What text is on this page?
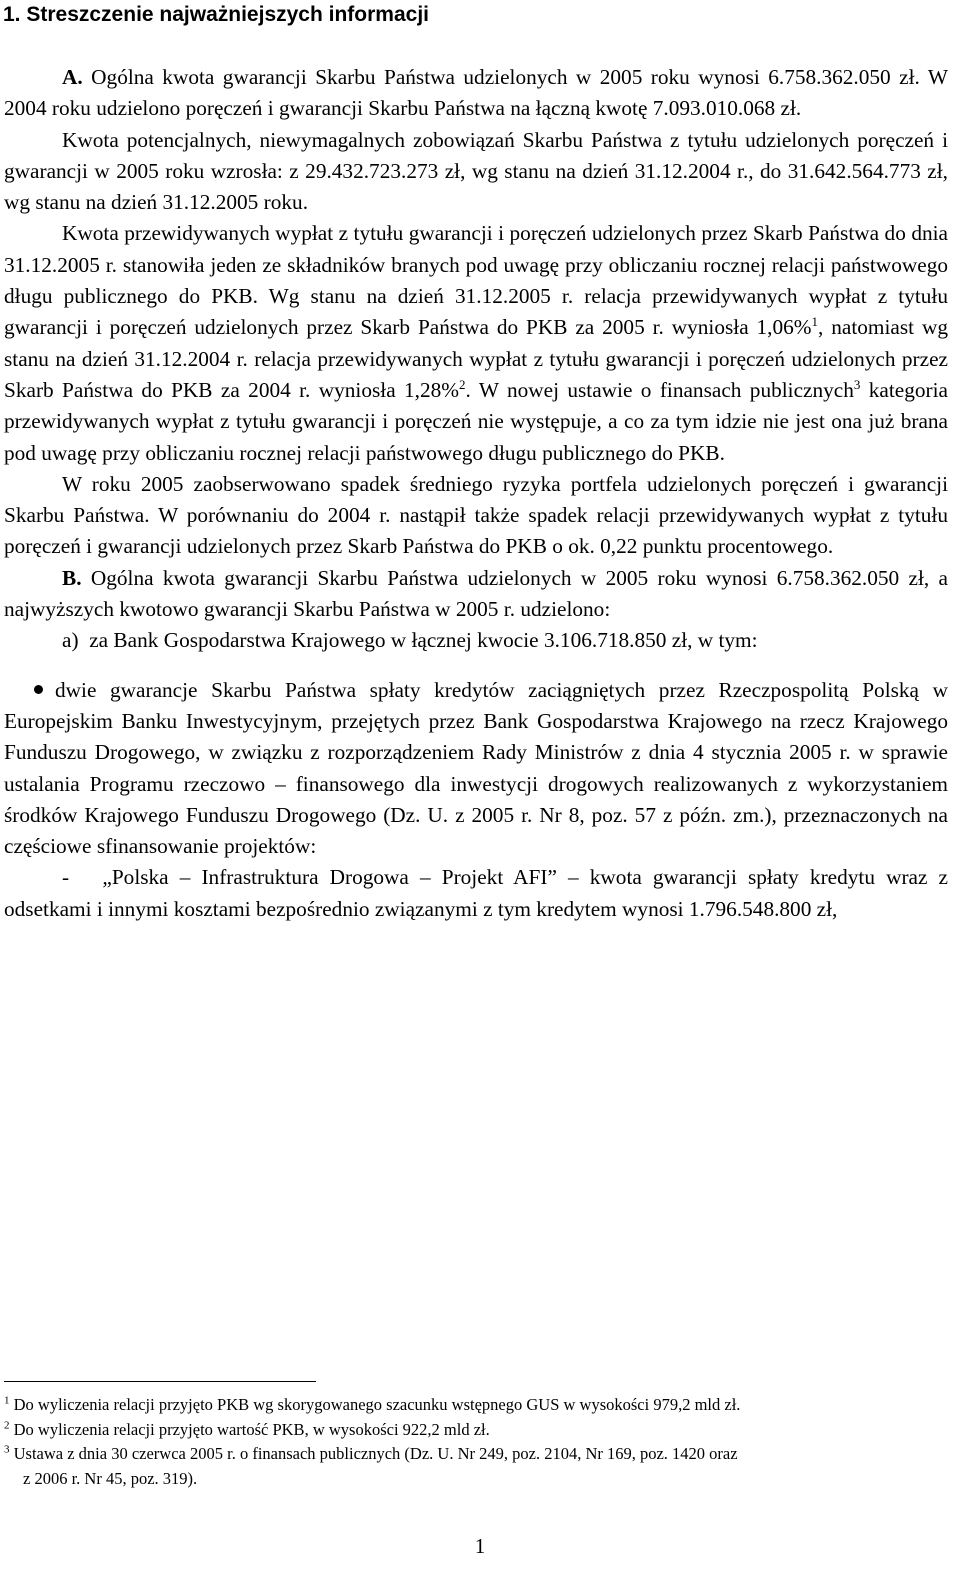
1. Streszczenie najważniejszych informacji

A. Ogólna kwota gwarancji Skarbu Państwa udzielonych w 2005 roku wynosi 6.758.362.050 zł. W 2004 roku udzielono poręczeń i gwarancji Skarbu Państwa na łączną kwotę 7.093.010.068 zł.

Kwota potencjalnych, niewymagalnych zobowiązań Skarbu Państwa z tytułu udzielonych poręczeń i gwarancji w 2005 roku wzrosła: z 29.432.723.273 zł, wg stanu na dzień 31.12.2004 r., do 31.642.564.773 zł, wg stanu na dzień 31.12.2005 roku.

Kwota przewidywanych wypłat z tytułu gwarancji i poręczeń udzielonych przez Skarb Państwa do dnia 31.12.2005 r. stanowiła jeden ze składników branych pod uwagę przy obliczaniu rocznej relacji państwowego długu publicznego do PKB. Wg stanu na dzień 31.12.2005 r. relacja przewidywanych wypłat z tytułu gwarancji i poręczeń udzielonych przez Skarb Państwa do PKB za 2005 r. wyniosła 1,06%$^1$, natomiast wg stanu na dzień 31.12.2004 r. relacja przewidywanych wypłat z tytułu gwarancji i poręczeń udzielonych przez Skarb Państwa do PKB za 2004 r. wyniosła 1,28%$^2$. W nowej ustawie o finansach publicznych$^3$ kategoria przewidywanych wypłat z tytułu gwarancji i poręczeń nie występuje, a co za tym idzie nie jest ona już brana pod uwagę przy obliczaniu rocznej relacji państwowego długu publicznego do PKB.

W roku 2005 zaobserwowano spadek średniego ryzyka portfela udzielonych poręczeń i gwarancji Skarbu Państwa. W porównaniu do 2004 r. nastąpił także spadek relacji przewidywanych wypłat z tytułu poręczeń i gwarancji udzielonych przez Skarb Państwa do PKB o ok. 0,22 punktu procentowego.

B. Ogólna kwota gwarancji Skarbu Państwa udzielonych w 2005 roku wynosi 6.758.362.050 zł, a najwyższych kwotowo gwarancji Skarbu Państwa w 2005 r. udzielono:

a)  za Bank Gospodarstwa Krajowego w łącznej kwocie 3.106.718.850 zł, w tym:

dwie gwarancje Skarbu Państwa spłaty kredytów zaciągniętych przez Rzeczpospolitą Polską w Europejskim Banku Inwestycyjnym, przejętych przez Bank Gospodarstwa Krajowego na rzecz Krajowego Funduszu Drogowego, w związku z rozporządzeniem Rady Ministrów z dnia 4 stycznia 2005 r. w sprawie ustalania Programu rzeczowo – finansowego dla inwestycji drogowych realizowanych z wykorzystaniem środków Krajowego Funduszu Drogowego (Dz. U. z 2005 r. Nr 8, poz. 57 z późn. zm.), przeznaczonych na częściowe sfinansowanie projektów:

-   „Polska – Infrastruktura Drogowa – Projekt AFI” – kwota gwarancji spłaty kredytu wraz z odsetkami i innymi kosztami bezpośrednio związanymi z tym kredytem wynosi 1.796.548.800 zł,

$^1$ Do wyliczenia relacji przyjęto PKB wg skorygowanego szacunku wstępnego GUS w wysokości 979,2 mld zł.

$^2$ Do wyliczenia relacji przyjęto wartość PKB, w wysokości 922,2 mld zł.

$^3$ Ustawa z dnia 30 czerwca 2005 r. o finansach publicznych (Dz. U. Nr 249, poz. 2104, Nr 169, poz. 1420 oraz

z 2006 r. Nr 45, poz. 319).

1
